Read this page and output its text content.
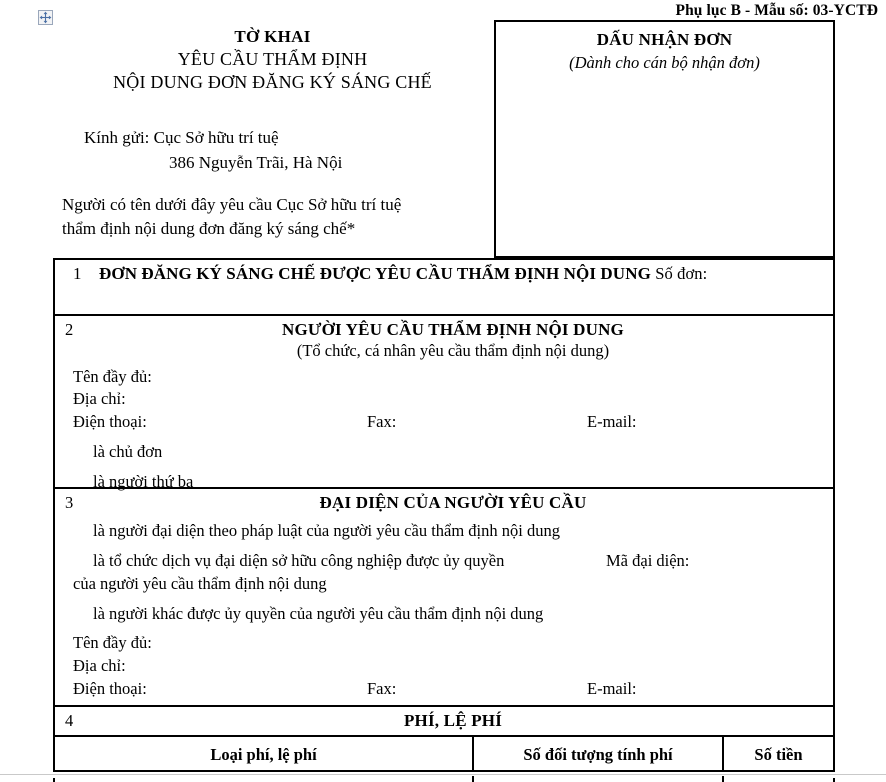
Phụ lục B - Mẫu số: 03-YCTĐ
DẤU NHẬN ĐƠN
(Dành cho cán bộ nhận đơn)
TỜ KHAI
YÊU CẦU THẨM ĐỊNH
NỘI DUNG ĐƠN ĐĂNG KÝ SÁNG CHẾ
Kính gửi: Cục Sở hữu trí tuệ
386 Nguyễn Trãi, Hà Nội
Người có tên dưới đây yêu cầu Cục Sở hữu trí tuệ
thẩm định nội dung đơn đăng ký sáng chế*
1 ĐƠN ĐĂNG KÝ SÁNG CHẾ ĐƯỢC YÊU CẦU THẨM ĐỊNH NỘI DUNG Số đơn:
2	NGƯỜI YÊU CẦU THẨM ĐỊNH NỘI DUNG
(Tổ chức, cá nhân yêu cầu thẩm định nội dung)
Tên đầy đủ:
Địa chỉ:
Điện thoại:	Fax:	E-mail:
là chủ đơn
là người thứ ba
3	ĐẠI DIỆN CỦA NGƯỜI YÊU CẦU
là người đại diện theo pháp luật của người yêu cầu thẩm định nội dung
là tổ chức dịch vụ đại diện sở hữu công nghiệp được ủy quyền	Mã đại diện:
của người yêu cầu thẩm định nội dung
là người khác được ủy quyền của người yêu cầu thẩm định nội dung
Tên đầy đủ:
Địa chỉ:
Điện thoại:	Fax:	E-mail:
4	PHÍ, LỆ PHÍ
Loại phí, lệ phí	Số đối tượng tính phí	Số tiền
